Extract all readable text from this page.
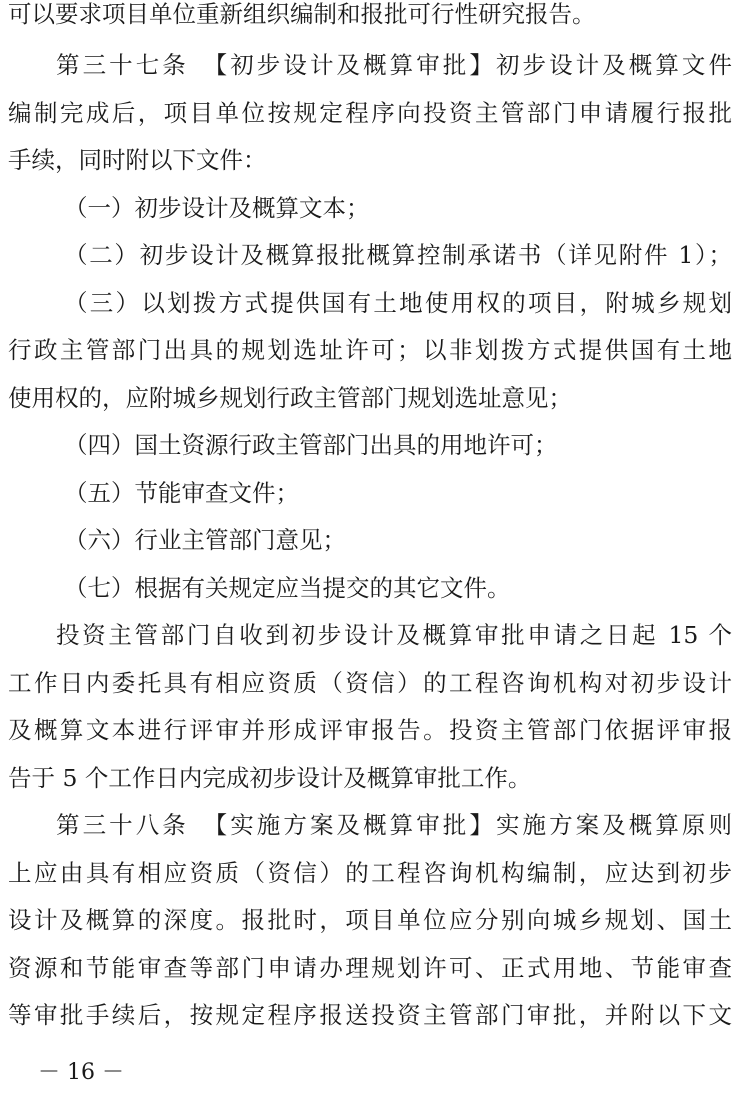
可以要求项目单位重新组织编制和报批可行性研究报告。
第三十七条　【初步设计及概算审批】初步设计及概算文件
编制完成后，项目单位按规定程序向投资主管部门申请履行报批
手续，同时附以下文件：
（一）初步设计及概算文本；
（二）初步设计及概算报批概算控制承诺书（详见附件 1）；
（三）以划拨方式提供国有土地使用权的项目，附城乡规划
行政主管部门出具的规划选址许可；以非划拨方式提供国有土地
使用权的，应附城乡规划行政主管部门规划选址意见；
（四）国土资源行政主管部门出具的用地许可；
（五）节能审查文件；
（六）行业主管部门意见；
（七）根据有关规定应当提交的其它文件。
投资主管部门自收到初步设计及概算审批申请之日起 15 个
工作日内委托具有相应资质（资信）的工程咨询机构对初步设计
及概算文本进行评审并形成评审报告。投资主管部门依据评审报
告于 5 个工作日内完成初步设计及概算审批工作。
第三十八条　【实施方案及概算审批】实施方案及概算原则
上应由具有相应资质（资信）的工程咨询机构编制，应达到初步
设计及概算的深度。报批时，项目单位应分别向城乡规划、国土
资源和节能审查等部门申请办理规划许可、正式用地、节能审查
等审批手续后，按规定程序报送投资主管部门审批，并附以下文
－ 16 －
